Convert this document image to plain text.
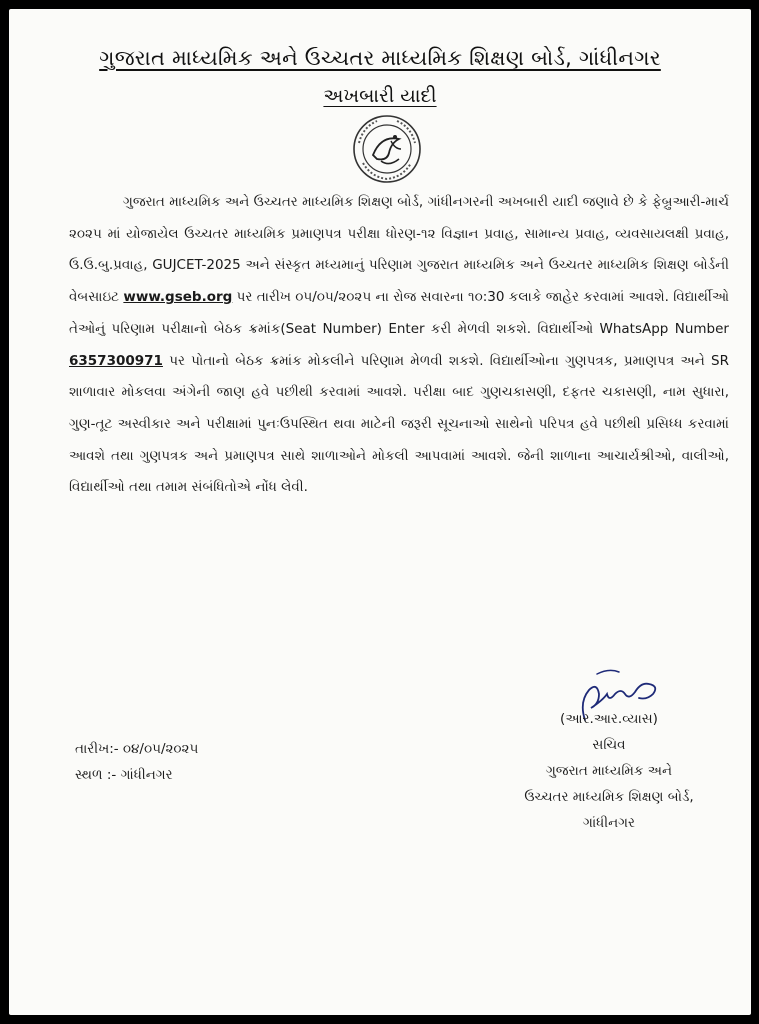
ગુજરાત માધ્યમિક અને ઉચ્ચતર માધ્યમિક શિક્ષણ બોર્ડ, ગાંધીનગર
અખબારી યાદી

ગુજરાત માધ્યમિક અને ઉચ્ચતર માધ્યમિક શિક્ષણ બોર્ડ, ગાંધીનગરની અખબારી યાદી જણાવે છે કે ફેબ્રુઆરી-માર્ચ ૨૦૨૫ માં યોજાયેલ ઉચ્ચતર માધ્યમિક પ્રમાણપત્ર પરીક્ષા ધોરણ-૧૨ વિજ્ઞાન પ્રવાહ, સામાન્ય પ્રવાહ, વ્યવસાયલક્ષી પ્રવાહ, ઉ.ઉ.બુ.પ્રવાહ, GUJCET-2025 અને સંસ્કૃત મધ્યમાનું પરિણામ ગુજરાત માધ્યમિક અને ઉચ્ચતર માધ્યમિક શિક્ષણ બોર્ડની વેબસાઇટ www.gseb.org પર તારીખ ૦૫/૦૫/૨૦૨૫ ના રોજ સવારના ૧૦:30 કલાકે જાહેર કરવામાં આવશે. વિદ્યાર્થીઓ તેઓનું પરિણામ પરીક્ષાનો બેઠક ક્રમાંક(Seat Number) Enter કરી મેળવી શકશે. વિદ્યાર્થીઓ WhatsApp Number 6357300971 પર પોતાનો બેઠક ક્રમાંક મોકલીને પરિણામ મેળવી શકશે. વિદ્યાર્થીઓના ગુણપત્રક, પ્રમાણપત્ર અને SR શાળાવાર મોકલવા અંગેની જાણ હવે પછીથી કરવામાં આવશે. પરીક્ષા બાદ ગુણચકાસણી, દફતર ચકાસણી, નામ સુધારા, ગુણ-તૂટ અસ્વીકાર અને પરીક્ષામાં પુનઃઉપસ્થિત થવા માટેની જરૂરી સૂચનાઓ સાથેનો પરિપત્ર હવે પછીથી પ્રસિધ્ધ કરવામાં આવશે તથા ગુણપત્રક અને પ્રમાણપત્ર સાથે શાળાઓને મોકલી આપવામાં આવશે. જેની શાળાના આચાર્યશ્રીઓ, વાલીઓ, વિદ્યાર્થીઓ તથા તમામ સંબંધિતોએ નોંધ લેવી.

(આર.આર.વ્યાસ)
સચિવ
ગુજરાત માધ્યમિક અને
ઉચ્ચતર માધ્યમિક શિક્ષણ બોર્ડ,
ગાંધીનગર
તારીખ:- ૦૪/૦૫/૨૦૨૫
સ્થળ :- ગાંધીનગર
